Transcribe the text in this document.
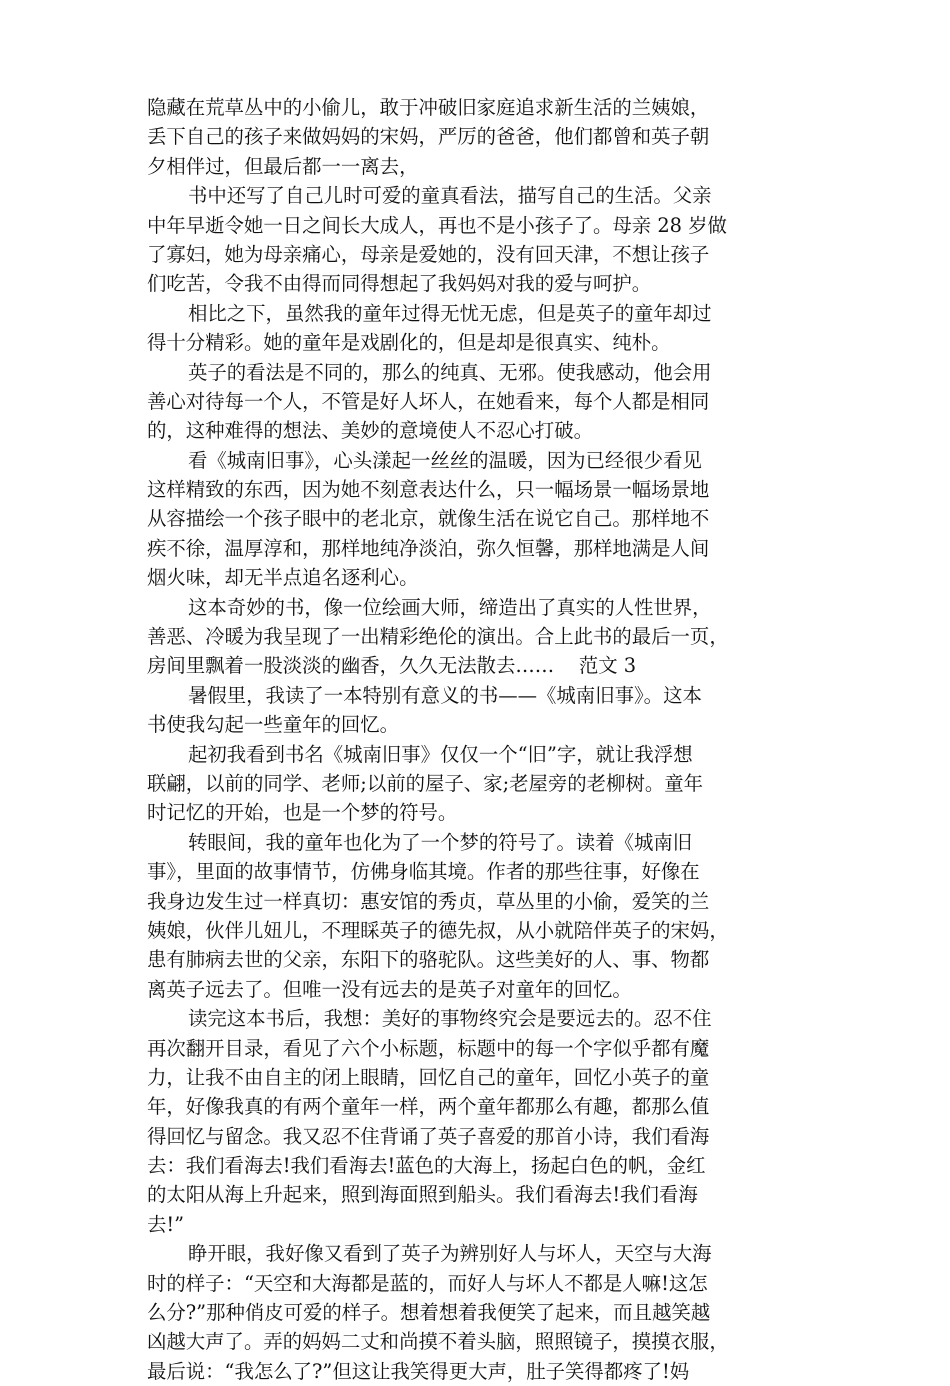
隐藏在荒草丛中的小偷儿，敢于冲破旧家庭追求新生活的兰姨娘，
丢下自己的孩子来做妈妈的宋妈，严厉的爸爸，他们都曾和英子朝
夕相伴过，但最后都一一离去，
书中还写了自己儿时可爱的童真看法，描写自己的生活。父亲
中年早逝令她一日之间长大成人，再也不是小孩子了。母亲 28 岁做
了寡妇，她为母亲痛心，母亲是爱她的，没有回天津，不想让孩子
们吃苦，令我不由得而同得想起了我妈妈对我的爱与呵护。
相比之下，虽然我的童年过得无忧无虑，但是英子的童年却过
得十分精彩。她的童年是戏剧化的，但是却是很真实、纯朴。
英子的看法是不同的，那么的纯真、无邪。使我感动，他会用
善心对待每一个人，不管是好人坏人，在她看来，每个人都是相同
的，这种难得的想法、美妙的意境使人不忍心打破。
看《城南旧事》，心头漾起一丝丝的温暖，因为已经很少看见
这样精致的东西，因为她不刻意表达什么，只一幅场景一幅场景地
从容描绘一个孩子眼中的老北京，就像生活在说它自己。那样地不
疾不徐，温厚淳和，那样地纯净淡泊，弥久恒馨，那样地满是人间
烟火味，却无半点追名逐利心。
这本奇妙的书，像一位绘画大师，缔造出了真实的人性世界，
善恶、冷暖为我呈现了一出精彩绝伦的演出。合上此书的最后一页，
房间里飘着一股淡淡的幽香，久久无法散去……    范文 3
暑假里，我读了一本特别有意义的书——《城南旧事》。这本
书使我勾起一些童年的回忆。
起初我看到书名《城南旧事》仅仅一个“旧”字，就让我浮想
联翩，以前的同学、老师;以前的屋子、家;老屋旁的老柳树。童年
时记忆的开始，也是一个梦的符号。
转眼间，我的童年也化为了一个梦的符号了。读着《城南旧
事》，里面的故事情节，仿佛身临其境。作者的那些往事，好像在
我身边发生过一样真切：惠安馆的秀贞，草丛里的小偷，爱笑的兰
姨娘，伙伴儿妞儿，不理睬英子的德先叔，从小就陪伴英子的宋妈，
患有肺病去世的父亲，东阳下的骆驼队。这些美好的人、事、物都
离英子远去了。但唯一没有远去的是英子对童年的回忆。
读完这本书后，我想：美好的事物终究会是要远去的。忍不住
再次翻开目录，看见了六个小标题，标题中的每一个字似乎都有魔
力，让我不由自主的闭上眼睛，回忆自己的童年，回忆小英子的童
年，好像我真的有两个童年一样，两个童年都那么有趣，都那么值
得回忆与留念。我又忍不住背诵了英子喜爱的那首小诗，我们看海
去：我们看海去!我们看海去!蓝色的大海上，扬起白色的帆，金红
的太阳从海上升起来，照到海面照到船头。我们看海去!我们看海
去!”
睁开眼，我好像又看到了英子为辨别好人与坏人，天空与大海
时的样子：“天空和大海都是蓝的，而好人与坏人不都是人嘛!这怎
么分?”那种俏皮可爱的样子。想着想着我便笑了起来，而且越笑越
凶越大声了。弄的妈妈二丈和尚摸不着头脑，照照镜子，摸摸衣服，
最后说：“我怎么了?”但这让我笑得更大声，肚子笑得都疼了!妈
